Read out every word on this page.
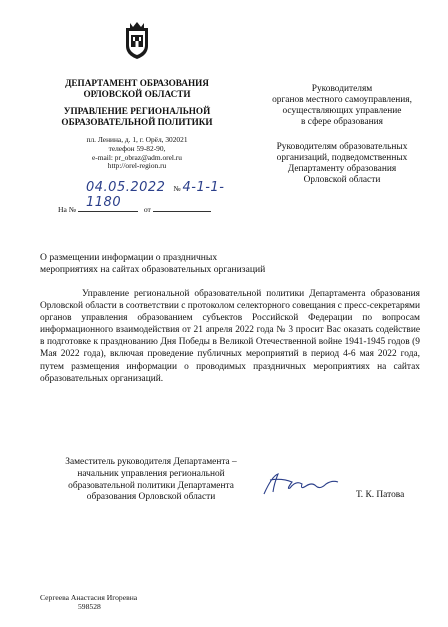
ДЕПАРТАМЕНТ ОБРАЗОВАНИЯ
ОРЛОВСКОЙ ОБЛАСТИ
УПРАВЛЕНИЕ РЕГИОНАЛЬНОЙ
ОБРАЗОВАТЕЛЬНОЙ ПОЛИТИКИ
пл. Ленина, д. 1, г. Орёл, 302021
телефон 59-82-90,
e-mail: pr_obraz@adm.orel.ru
http://orel-region.ru
04.05.2022 № 4-1-1-1180
На №	от
Руководителям
органов местного самоуправления,
осуществляющих управление
в сфере образования
Руководителям образовательных
организаций, подведомственных
Департаменту образования
Орловской области
О размещении информации о праздничных
мероприятиях на сайтах образовательных организаций
Управление региональной образовательной политики Департамента образования Орловской области в соответствии с протоколом селекторного совещания с пресс-секретарями органов управления образованием субъектов Российской Федерации по вопросам информационного взаимодействия от 21 апреля 2022 года № 3 просит Вас оказать содействие в подготовке к празднованию Дня Победы в Великой Отечественной войне 1941-1945 годов (9 Мая 2022 года), включая проведение публичных мероприятий в период 4-6 мая 2022 года, путем размещения информации о проводимых праздничных мероприятиях на сайтах образовательных организаций.
Заместитель руководителя Департамента –
начальник управления региональной
образовательной политики Департамента
образования Орловской области	Т. К. Патова
Сергеева Анастасия Игоревна
598528
